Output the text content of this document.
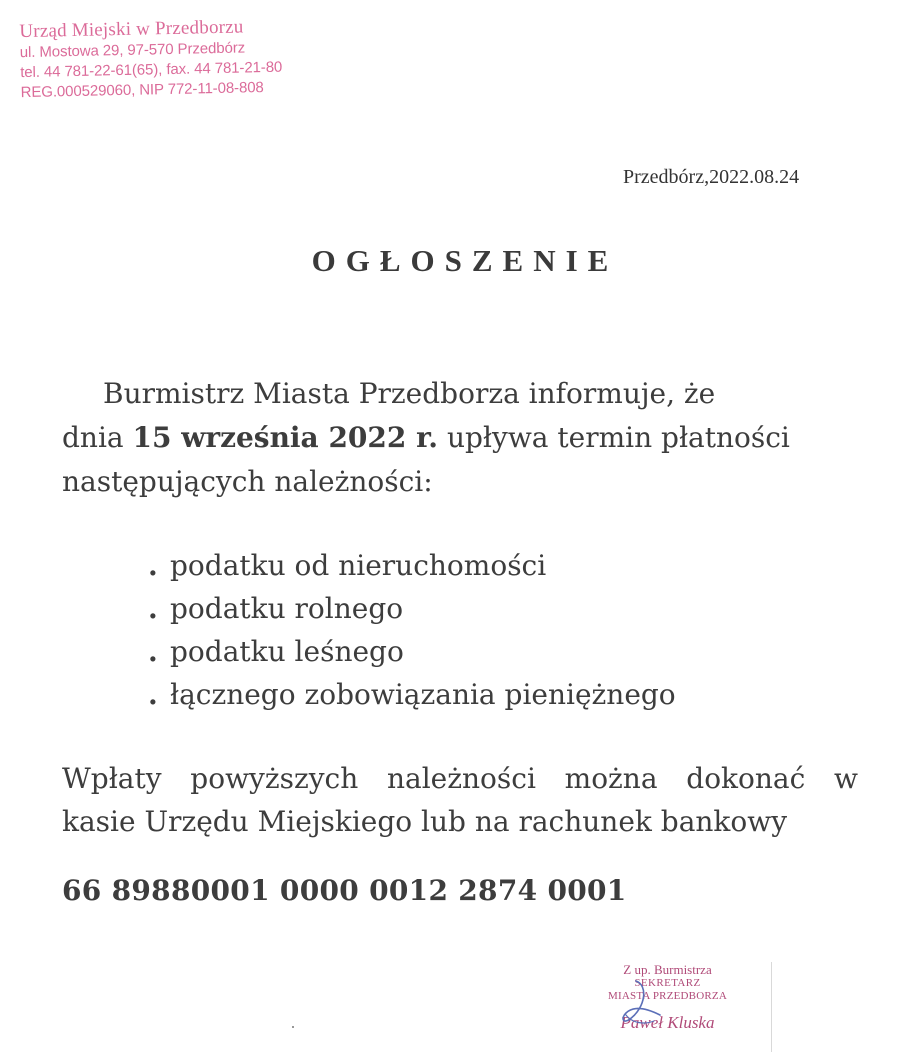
Urząd Miejski w Przedborzu
ul. Mostowa 29, 97-570 Przedbórz
tel. 44 781-22-61(65), fax. 44 781-21-80
REG.000529060, NIP 772-11-08-808
Przedbórz,2022.08.24
OGŁOSZENIE

Burmistrz Miasta Przedborza informuje, że

dnia 15 września 2022 r. upływa termin płatności

następujących należności:

. podatku od nieruchomości
. podatku rolnego
. podatku leśnego
. łącznego zobowiązania pieniężnego

Wpłaty powyższych należności można dokonać w

kasie Urzędu Miejskiego lub na rachunek bankowy

66 89880001 0000 0012 2874 0001
Z up. Burmistrza
SEKRETARZ
MIASTA PRZEDBORZA
Paweł Kluska
